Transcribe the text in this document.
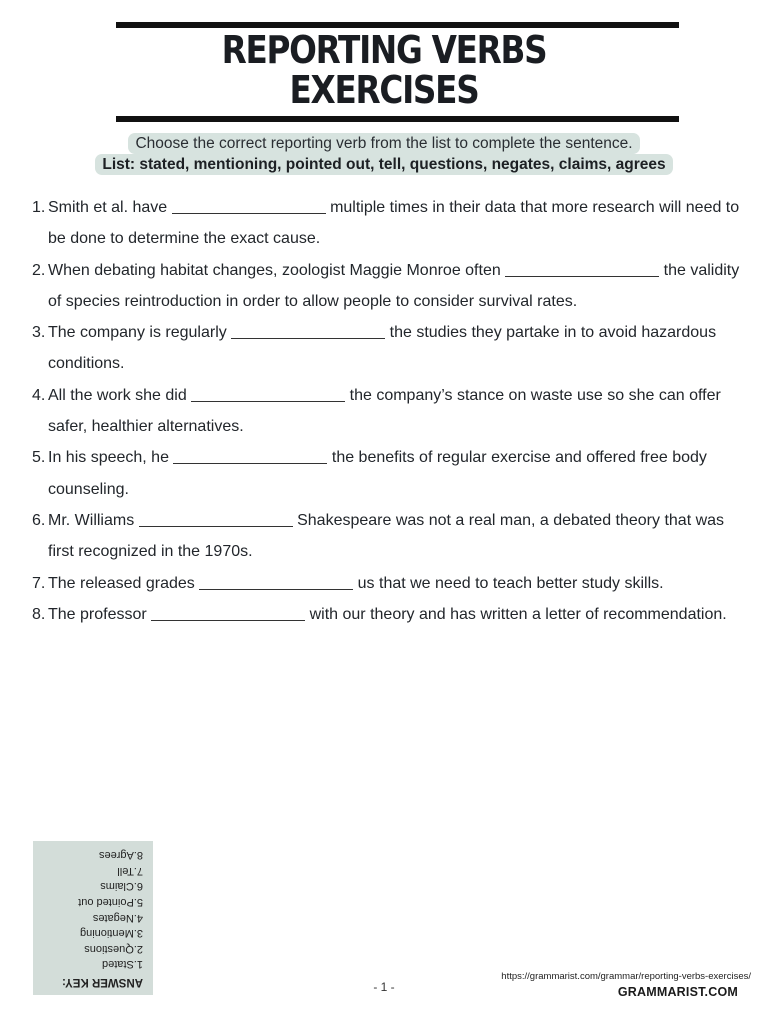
REPORTING VERBS
EXERCISES
Choose the correct reporting verb from the list to complete the sentence.
List: stated, mentioning, pointed out, tell, questions, negates, claims, agrees
1. Smith et al. have	multiple times in their data that more research will need to be done to determine the exact cause.
2. When debating habitat changes, zoologist Maggie Monroe often	the validity of species reintroduction in order to allow people to consider survival rates.
3. The company is regularly	the studies they partake in to avoid hazardous conditions.
4. All the work she did	the company’s stance on waste use so she can offer safer, healthier alternatives.
5. In his speech, he	the benefits of regular exercise and offered free body counseling.
6. Mr. Williams	Shakespeare was not a real man, a debated theory that was first recognized in the 1970s.
7. The released grades	us that we need to teach better study skills.
8. The professor	with our theory and has written a letter of recommendation.
ANSWER KEY:
1.Stated
2.Questions
3.Mentioning
4.Negates
5.Pointed out
6.Claims
7.Tell
8.Agrees
- 1 -
https://grammarist.com/grammar/reporting-verbs-exercises/
GRAMMARIST.COM
